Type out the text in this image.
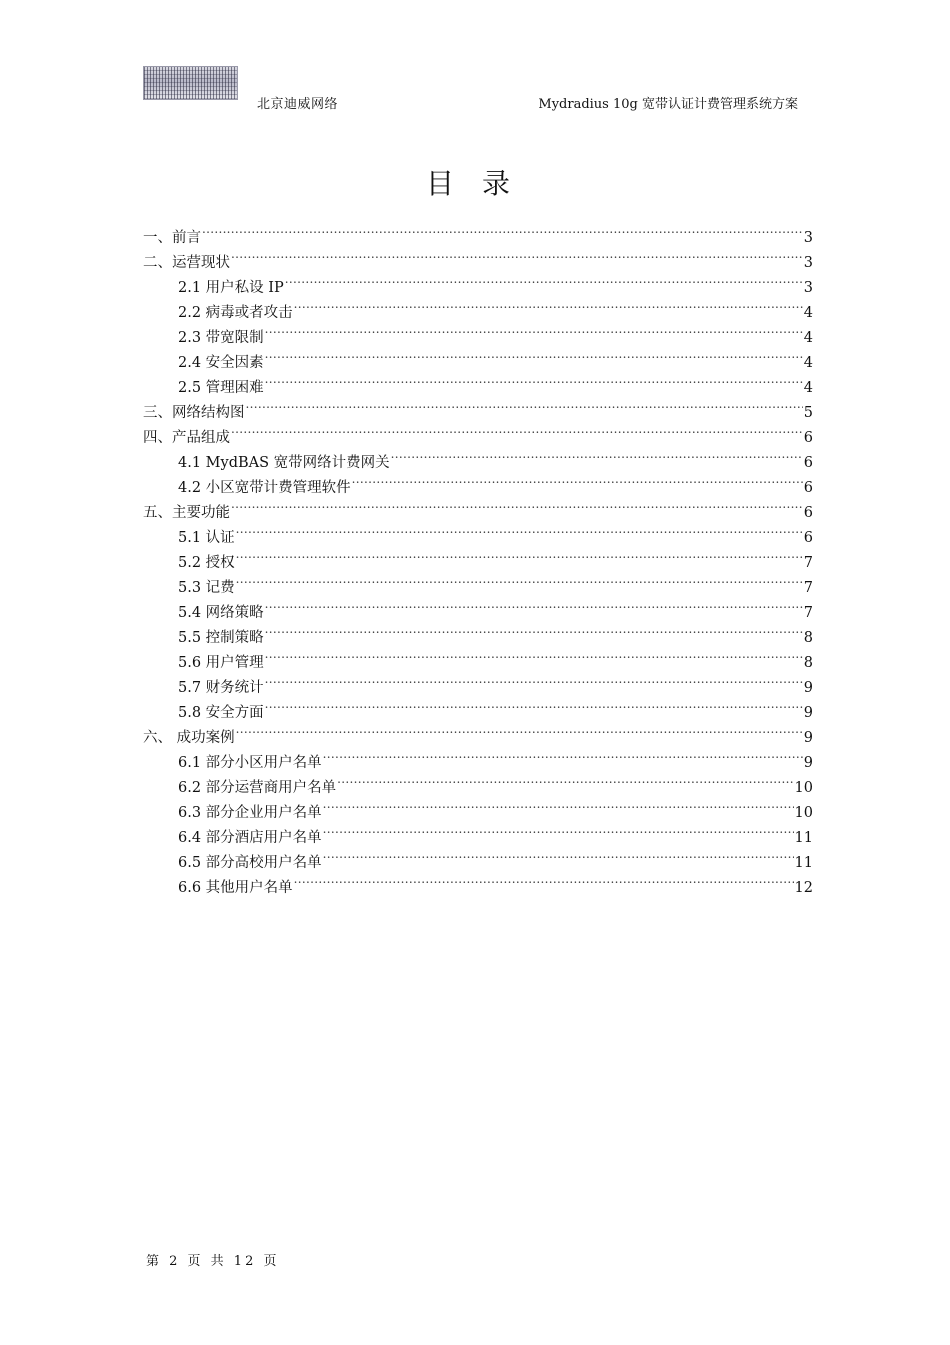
北京迪威网络	Mydradius 10g 宽带认证计费管理系统方案
目录
一、前言 .....	3
二、运营现状 .....	3
2.1 用户私设 IP .....	3
2.2 病毒或者攻击 .....	4
2.3 带宽限制 .....	4
2.4 安全因素 .....	4
2.5 管理困难 .....	4
三、网络结构图 .....	5
四、产品组成 .....	6
4.1 MydBAS 宽带网络计费网关 .....	6
4.2 小区宽带计费管理软件 .....	6
五、主要功能 .....	6
5.1 认证 .....	6
5.2 授权 .....	7
5.3 记费 .....	7
5.4 网络策略 .....	7
5.5 控制策略 .....	8
5.6 用户管理 .....	8
5.7 财务统计 .....	9
5.8 安全方面 .....	9
六、 成功案例 .....	9
6.1 部分小区用户名单 .....	9
6.2 部分运营商用户名单 .....	10
6.3 部分企业用户名单 .....	10
6.4 部分酒店用户名单 .....	11
6.5 部分高校用户名单 .....	11
6.6 其他用户名单 .....	12
第 2 页 共 12 页
